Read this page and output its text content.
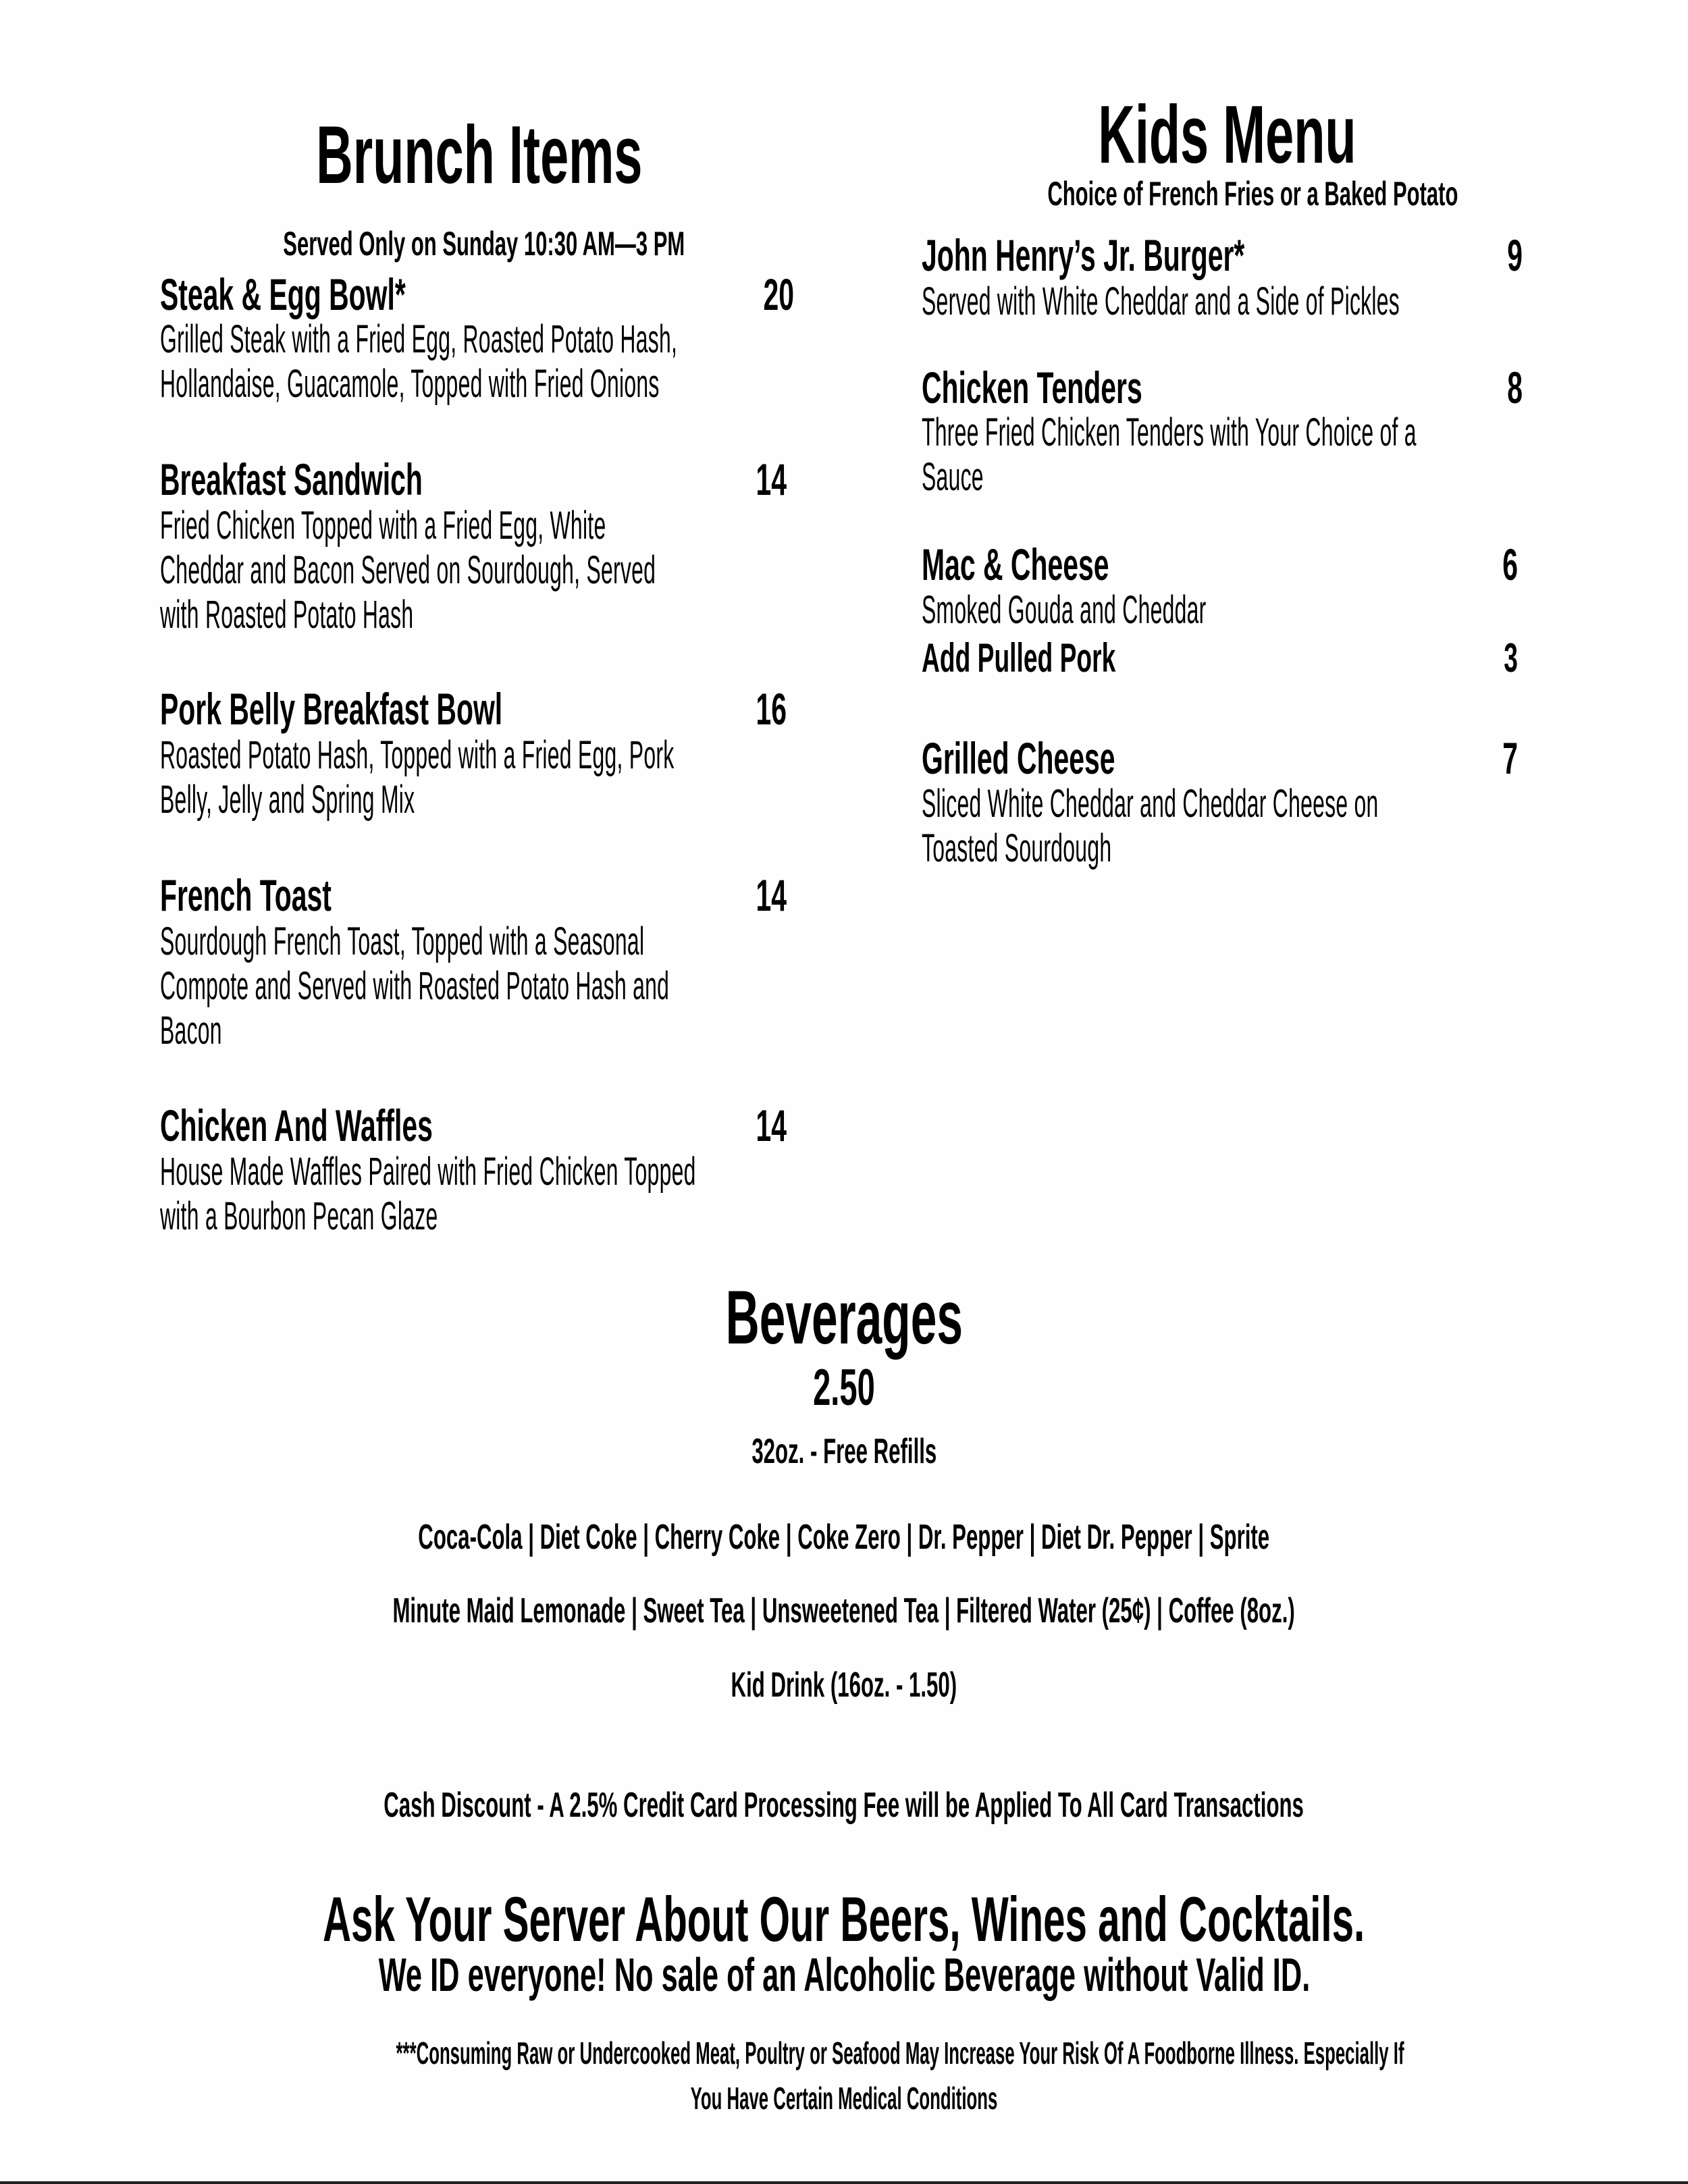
Brunch Items
Served Only on Sunday 10:30 AM—3 PM
Steak & Egg Bowl*	20
Grilled Steak with a Fried Egg, Roasted Potato Hash,
Hollandaise, Guacamole, Topped with Fried Onions
Breakfast Sandwich	14
Fried Chicken Topped with a Fried Egg, White
Cheddar and Bacon Served on Sourdough, Served
with Roasted Potato Hash
Pork Belly Breakfast Bowl	16
Roasted Potato Hash, Topped with a Fried Egg, Pork
Belly, Jelly and Spring Mix
French Toast	14
Sourdough French Toast, Topped with a Seasonal
Compote and Served with Roasted Potato Hash and
Bacon
Chicken And Waffles	14
House Made Waffles Paired with Fried Chicken Topped
with a Bourbon Pecan Glaze
Kids Menu
Choice of French Fries or a Baked Potato
John Henry’s Jr. Burger*	9
Served with White Cheddar and a Side of Pickles
Chicken Tenders	8
Three Fried Chicken Tenders with Your Choice of a
Sauce
Mac & Cheese	6
Smoked Gouda and Cheddar
Add Pulled Pork	3
Grilled Cheese	7
Sliced White Cheddar and Cheddar Cheese on
Toasted Sourdough
Beverages
2.50
32oz. - Free Refills
Coca-Cola | Diet Coke | Cherry Coke | Coke Zero | Dr. Pepper | Diet Dr. Pepper | Sprite
Minute Maid Lemonade | Sweet Tea | Unsweetened Tea | Filtered Water (25¢) | Coffee (8oz.)
Kid Drink (16oz. - 1.50)
Cash Discount - A 2.5% Credit Card Processing Fee will be Applied To All Card Transactions
Ask Your Server About Our Beers, Wines and Cocktails.
We ID everyone! No sale of an Alcoholic Beverage without Valid ID.
***Consuming Raw or Undercooked Meat, Poultry or Seafood May Increase Your Risk Of A Foodborne Illness. Especially If
You Have Certain Medical Conditions
